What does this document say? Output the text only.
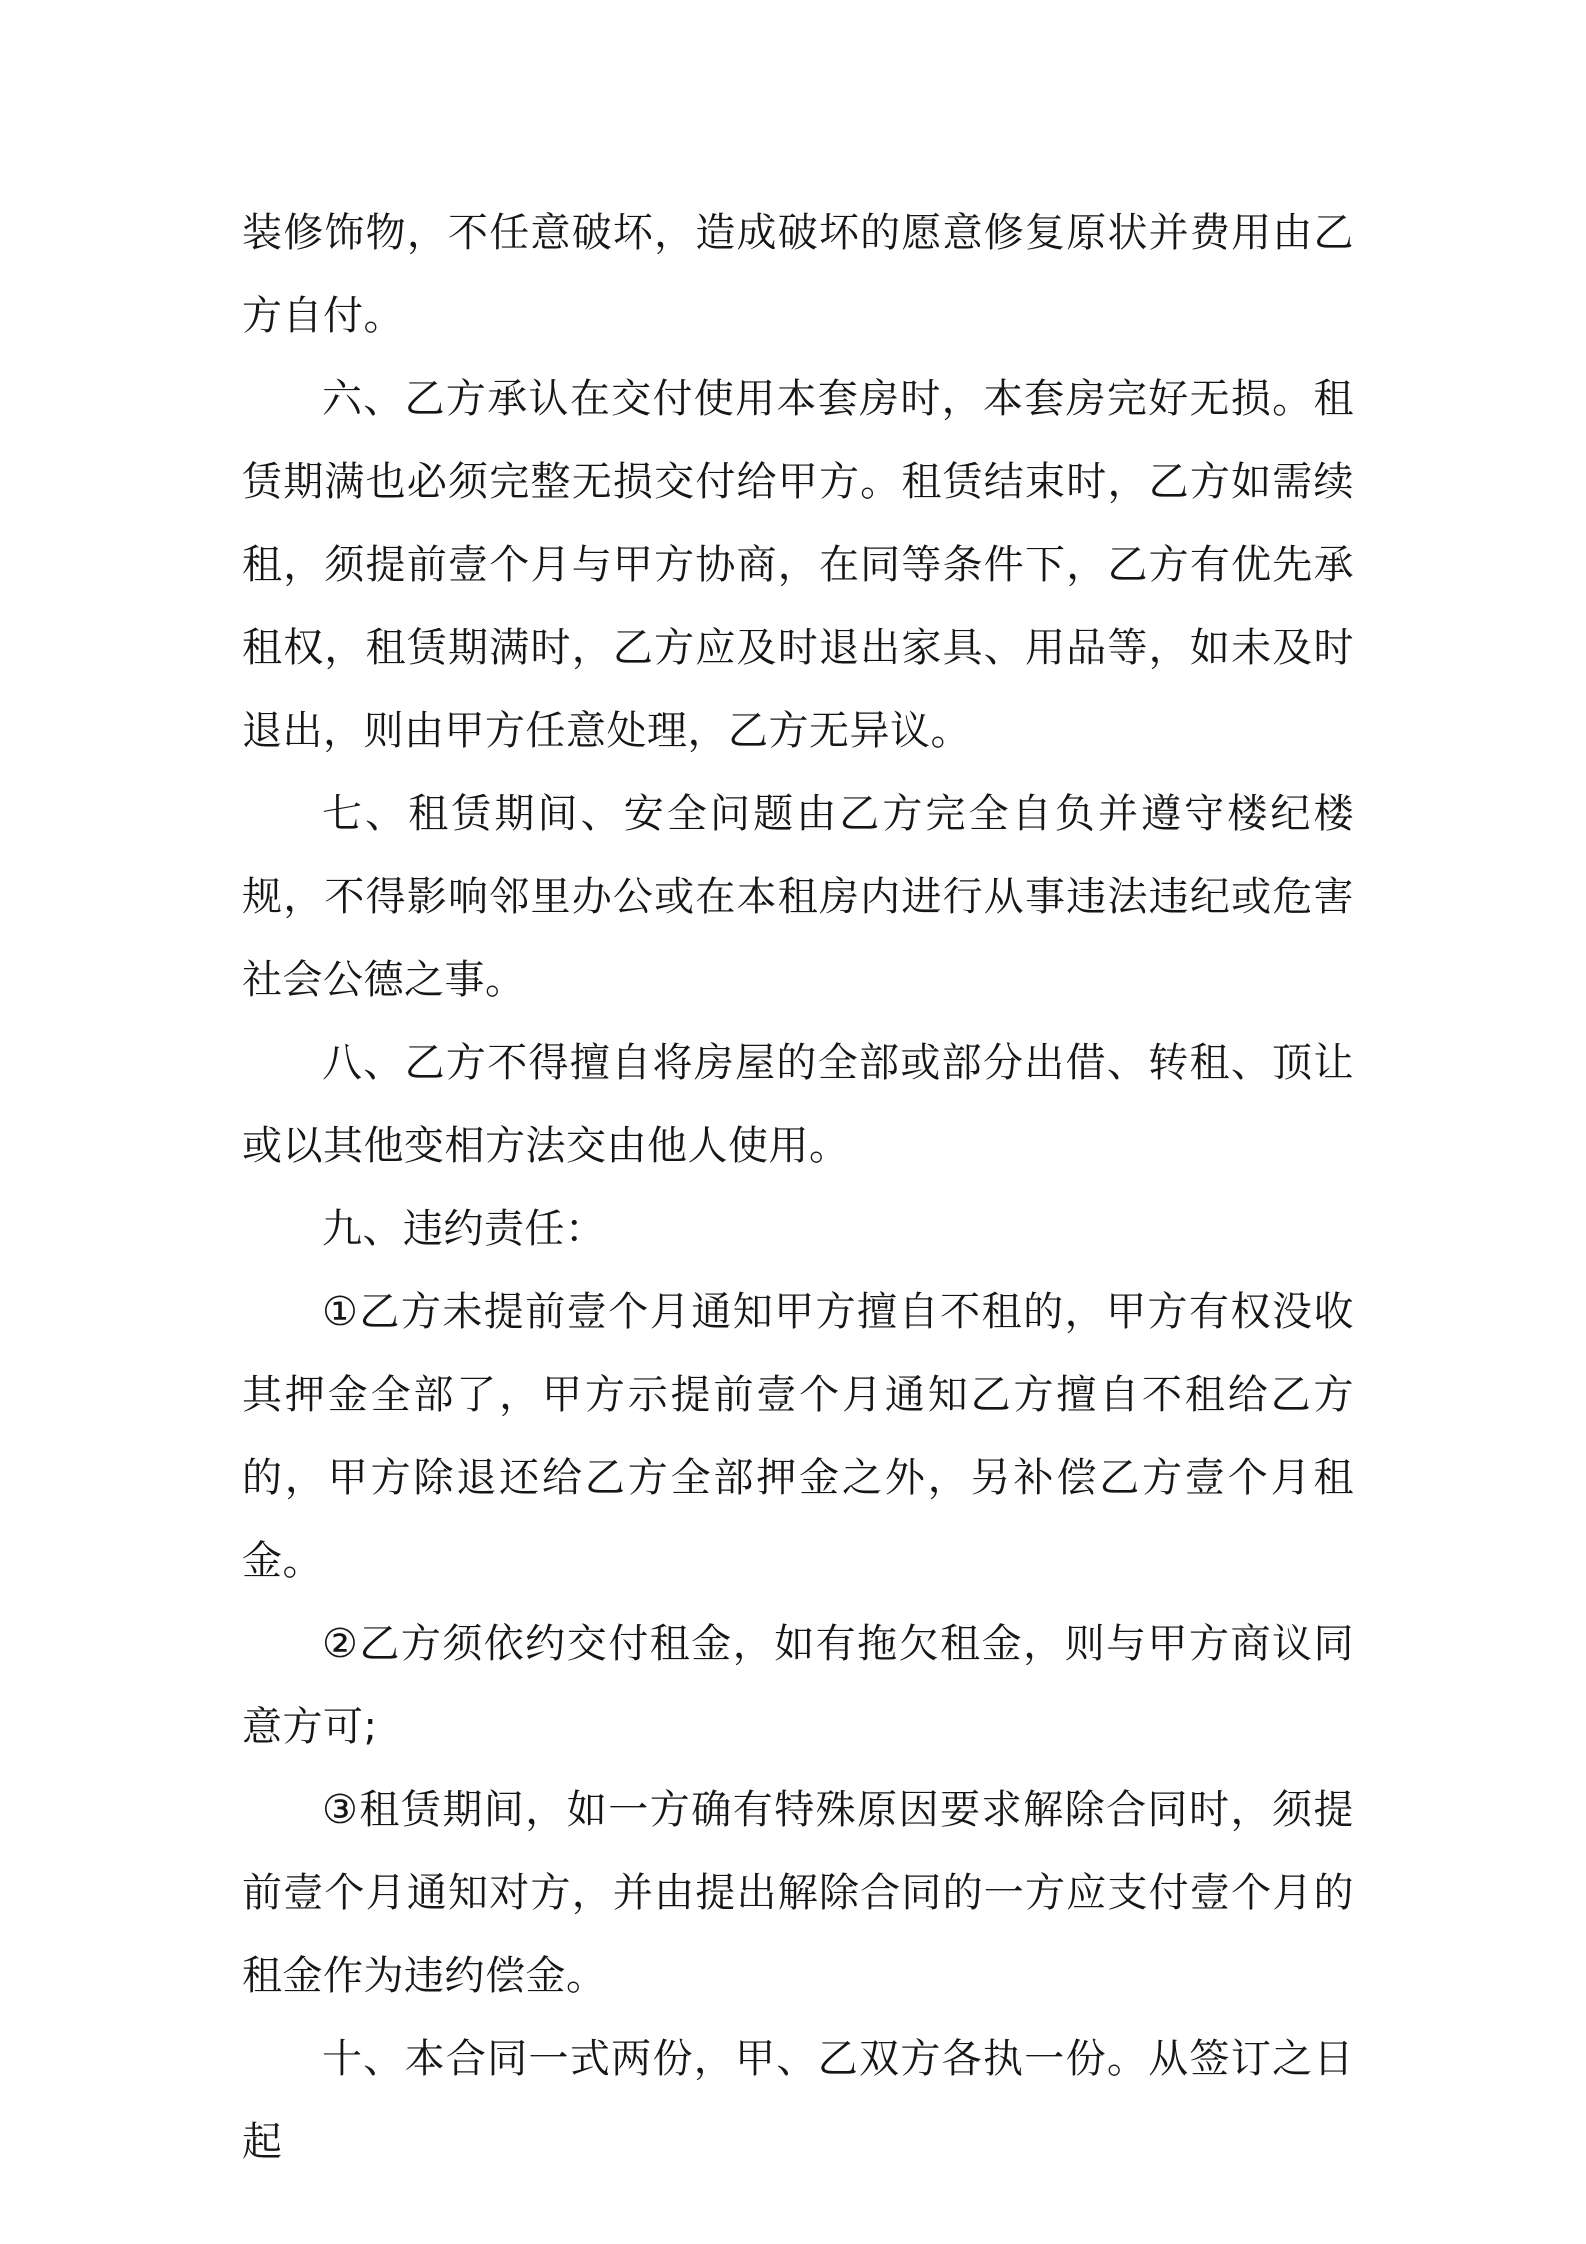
装修饰物，不任意破坏，造成破坏的愿意修复原状并费用由乙方自付。

六、乙方承认在交付使用本套房时，本套房完好无损。租赁期满也必须完整无损交付给甲方。租赁结束时，乙方如需续租，须提前壹个月与甲方协商，在同等条件下，乙方有优先承租权，租赁期满时，乙方应及时退出家具、用品等，如未及时退出，则由甲方任意处理，乙方无异议。

七、租赁期间、安全问题由乙方完全自负并遵守楼纪楼规，不得影响邻里办公或在本租房内进行从事违法违纪或危害社会公德之事。

八、乙方不得擅自将房屋的全部或部分出借、转租、顶让或以其他变相方法交由他人使用。

九、违约责任：

①乙方未提前壹个月通知甲方擅自不租的，甲方有权没收其押金全部了，甲方示提前壹个月通知乙方擅自不租给乙方的，甲方除退还给乙方全部押金之外，另补偿乙方壹个月租金。

②乙方须依约交付租金，如有拖欠租金，则与甲方商议同意方可;

③租赁期间，如一方确有特殊原因要求解除合同时，须提前壹个月通知对方，并由提出解除合同的一方应支付壹个月的租金作为违约偿金。

十、本合同一式两份，甲、乙双方各执一份。从签订之日起
